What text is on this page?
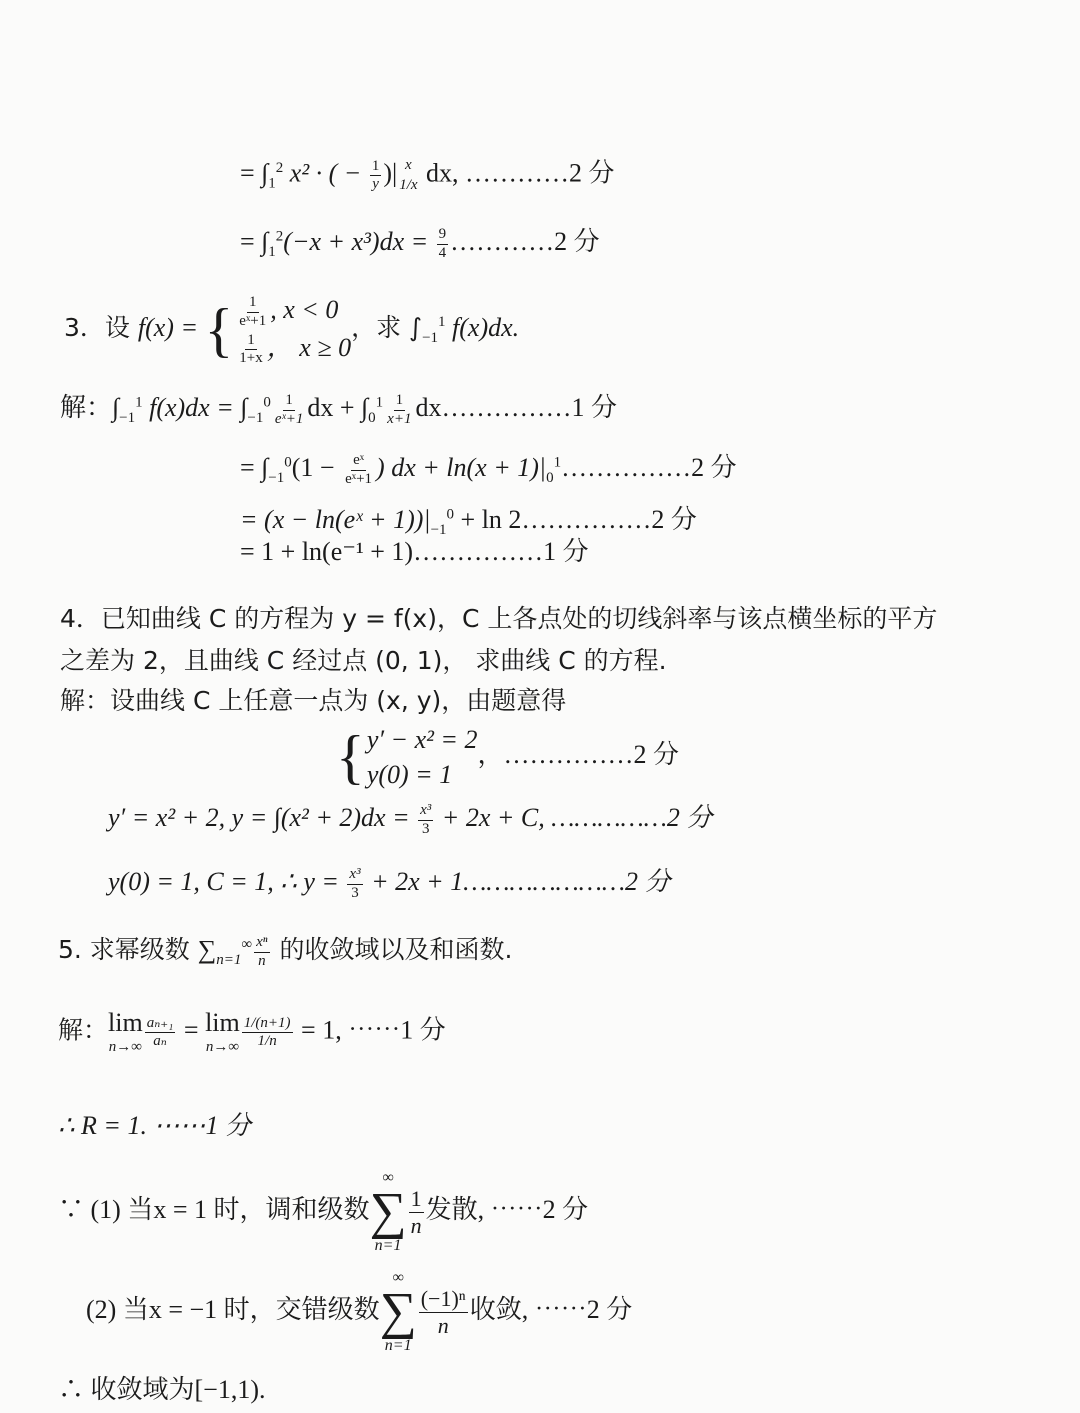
= $\int_1^2$ x² · ( − $\frac{1}{y}$ )| x
1/x dx, …………2 分
= $\int_1^2(-x + x^3)dx = \frac{9}{4}$ …………2 分
3．设 f(x) = { $\frac{1}{\text{eˣ+1}}$ , x < 0
$\frac{1}{1+x}$ ， x ≥ 0
，求 $\int_{-1}^1$ f(x)dx.
解：$\int_{-1}^1$ $f(x)dx = \int_{-1}^0 \frac{1}{\text{eˣ+1}}$ dx + $\int_0^1 \frac{1}{x+1}$ dx……………1 分
= $\int_{-1}^0(1 - \frac{\text{eˣ}}{\text{eˣ+1}}$ ) dx + $\ln(x + 1)|_0^1\dots\dots\dots\dots\dots 2$ 分
= (x − ln(eˣ + $1))|_{-1}^0 + \ln$ 2……………2 分
= 1 + ln(e⁻¹ + 1)……………1 分
4．已知曲线 C 的方程为 y = f(x)，C 上各点处的切线斜率与该点横坐标的平方
之差为 2，且曲线 C 经过点 (0, 1)， 求曲线 C 的方程.
解：设曲线 C 上任意一点为 (x, y)，由题意得
{ y′ − x² = 2
y(0) = 1
，……………2 分
y′ = x² + 2, $y = \int(x^2 + 2)dx = \frac{\text{x³}}{3} + 2x + C$, ……………2 分
y(0) = 1, C = 1, ∴ $y = \frac{\text{x³}}{3} + 2x$ + 1…………………2 分
5. 求幂级数 $\sum_{n=1}^\infty \frac{\text{xⁿ}}{n}$ 的收敛域以及和函数.
解： lim
$n\to\infty \frac{\text{aₙ₊₁}}{\text{aₙ}} = \lim$
$n\to\infty \frac{1/(n+1)}{1/n} = 1$, ⋯⋯1 分
∴ R = 1. ⋯⋯1 分
∵ (1) 当x = 1 时，调和级数
∞
∑
n=1
$\frac{1}{n}$ 发散, ⋯⋯2 分
(2) 当x = −1 时，交错级数
∞
∑
n=1
$\frac{\text{(−1)ⁿ}}{n}$ 收敛, ⋯⋯2 分
∴ 收敛域为[−1,1).
